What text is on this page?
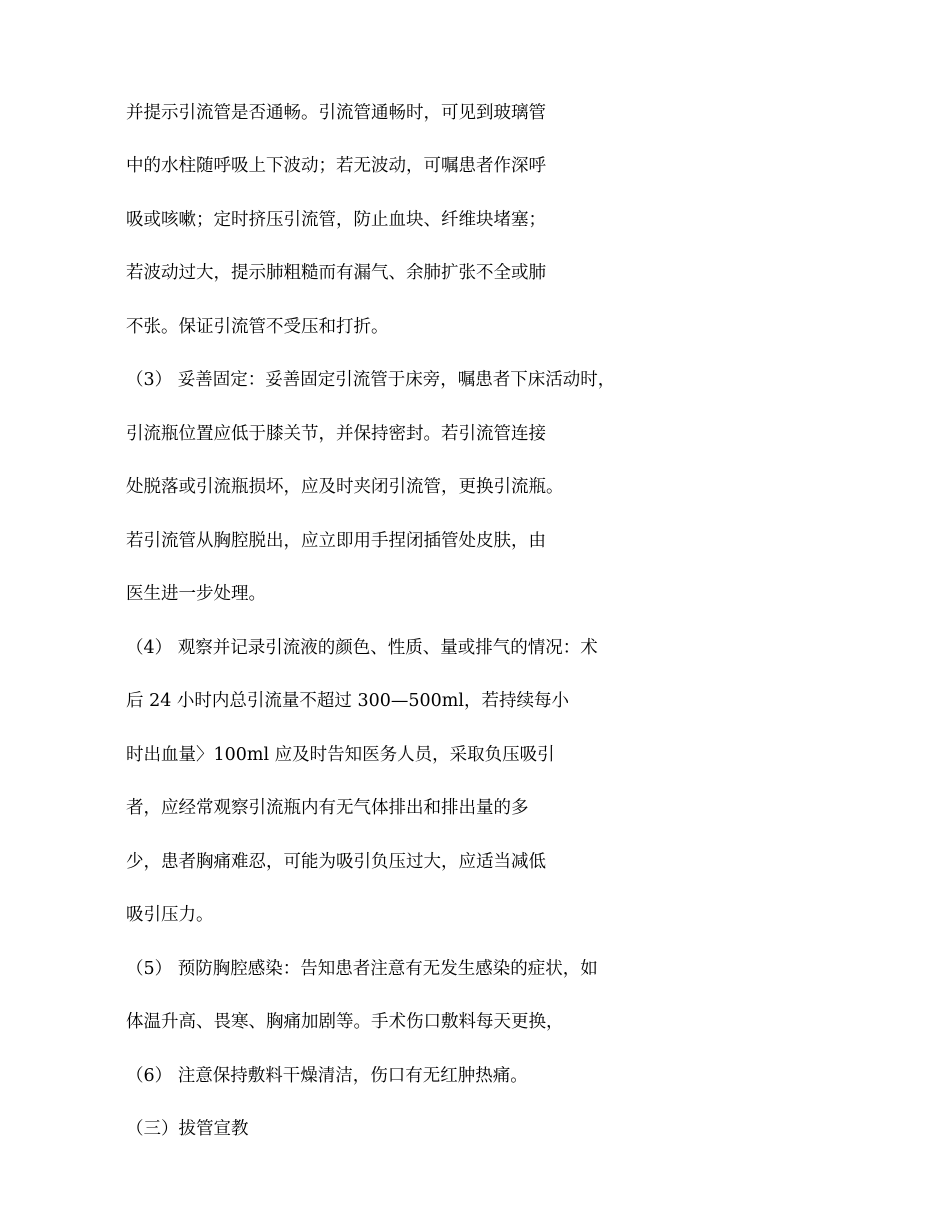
并提示引流管是否通畅。引流管通畅时，可见到玻璃管
中的水柱随呼吸上下波动；若无波动，可嘱患者作深呼
吸或咳嗽；定时挤压引流管，防止血块、纤维块堵塞；
若波动过大，提示肺粗糙而有漏气、余肺扩张不全或肺
不张。保证引流管不受压和打折。
（3） 妥善固定：妥善固定引流管于床旁，嘱患者下床活动时，
引流瓶位置应低于膝关节，并保持密封。若引流管连接
处脱落或引流瓶损坏，应及时夹闭引流管，更换引流瓶。
若引流管从胸腔脱出，应立即用手捏闭插管处皮肤，由
医生进一步处理。
（4） 观察并记录引流液的颜色、性质、量或排气的情况：术
后 24 小时内总引流量不超过 300—500ml，若持续每小
时出血量〉100ml 应及时告知医务人员，采取负压吸引
者，应经常观察引流瓶内有无气体排出和排出量的多
少，患者胸痛难忍，可能为吸引负压过大，应适当减低
吸引压力。
（5） 预防胸腔感染：告知患者注意有无发生感染的症状，如
体温升高、畏寒、胸痛加剧等。手术伤口敷料每天更换，
（6） 注意保持敷料干燥清洁，伤口有无红肿热痛。
（三）拔管宣教
